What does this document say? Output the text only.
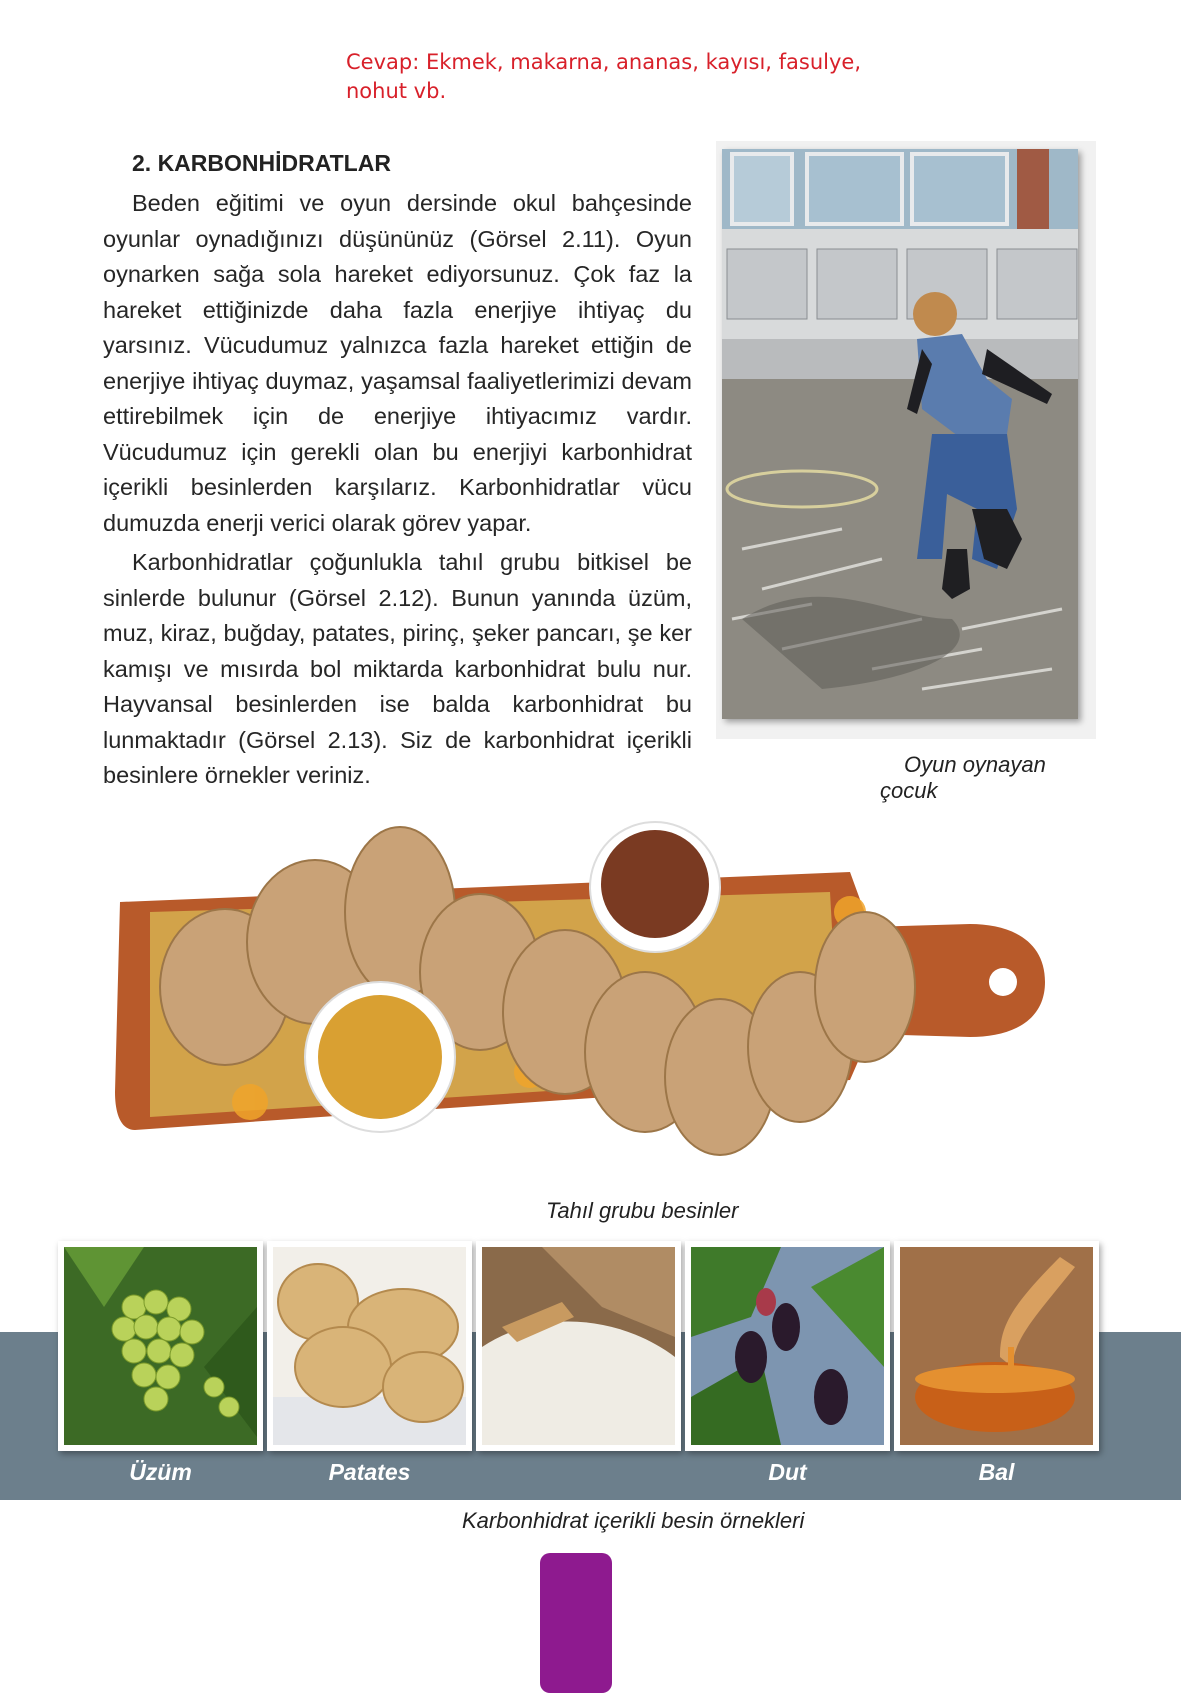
Cevap: Ekmek, makarna, ananas, kayısı, fasulye,
nohut vb.
2. KARBONHİDRATLAR

Beden eğitimi ve oyun dersinde okul bahçesinde oyunlar oynadığınızı düşününüz (Görsel 2.11). Oyun oynarken sağa sola hareket ediyorsunuz. Çok faz la hareket ettiğinizde daha fazla enerjiye ihtiyaç du yarsınız. Vücudumuz yalnızca fazla hareket ettiğin de enerjiye ihtiyaç duymaz, yaşamsal faaliyetlerimizi devam ettirebilmek için de enerjiye ihtiyacımız vardır. Vücudumuz için gerekli olan bu enerjiyi karbonhidrat içerikli besinlerden karşılarız. Karbonhidratlar vücu dumuzda enerji verici olarak görev yapar.

Karbonhidratlar çoğunlukla tahıl grubu bitkisel be sinlerde bulunur (Görsel 2.12). Bunun yanında üzüm, muz, kiraz, buğday, patates, pirinç, şeker pancarı, şe ker kamışı ve mısırda bol miktarda karbonhidrat bulu nur. Hayvansal besinlerden ise balda karbonhidrat bu lunmaktadır (Görsel 2.13). Siz de karbonhidrat içerikli besinlere örnekler veriniz.	Oyun oynayan
çocuk
Tahıl grubu besinler
Üzüm	Patates	Dut	Bal
Karbonhidrat içerikli besin örnekleri
